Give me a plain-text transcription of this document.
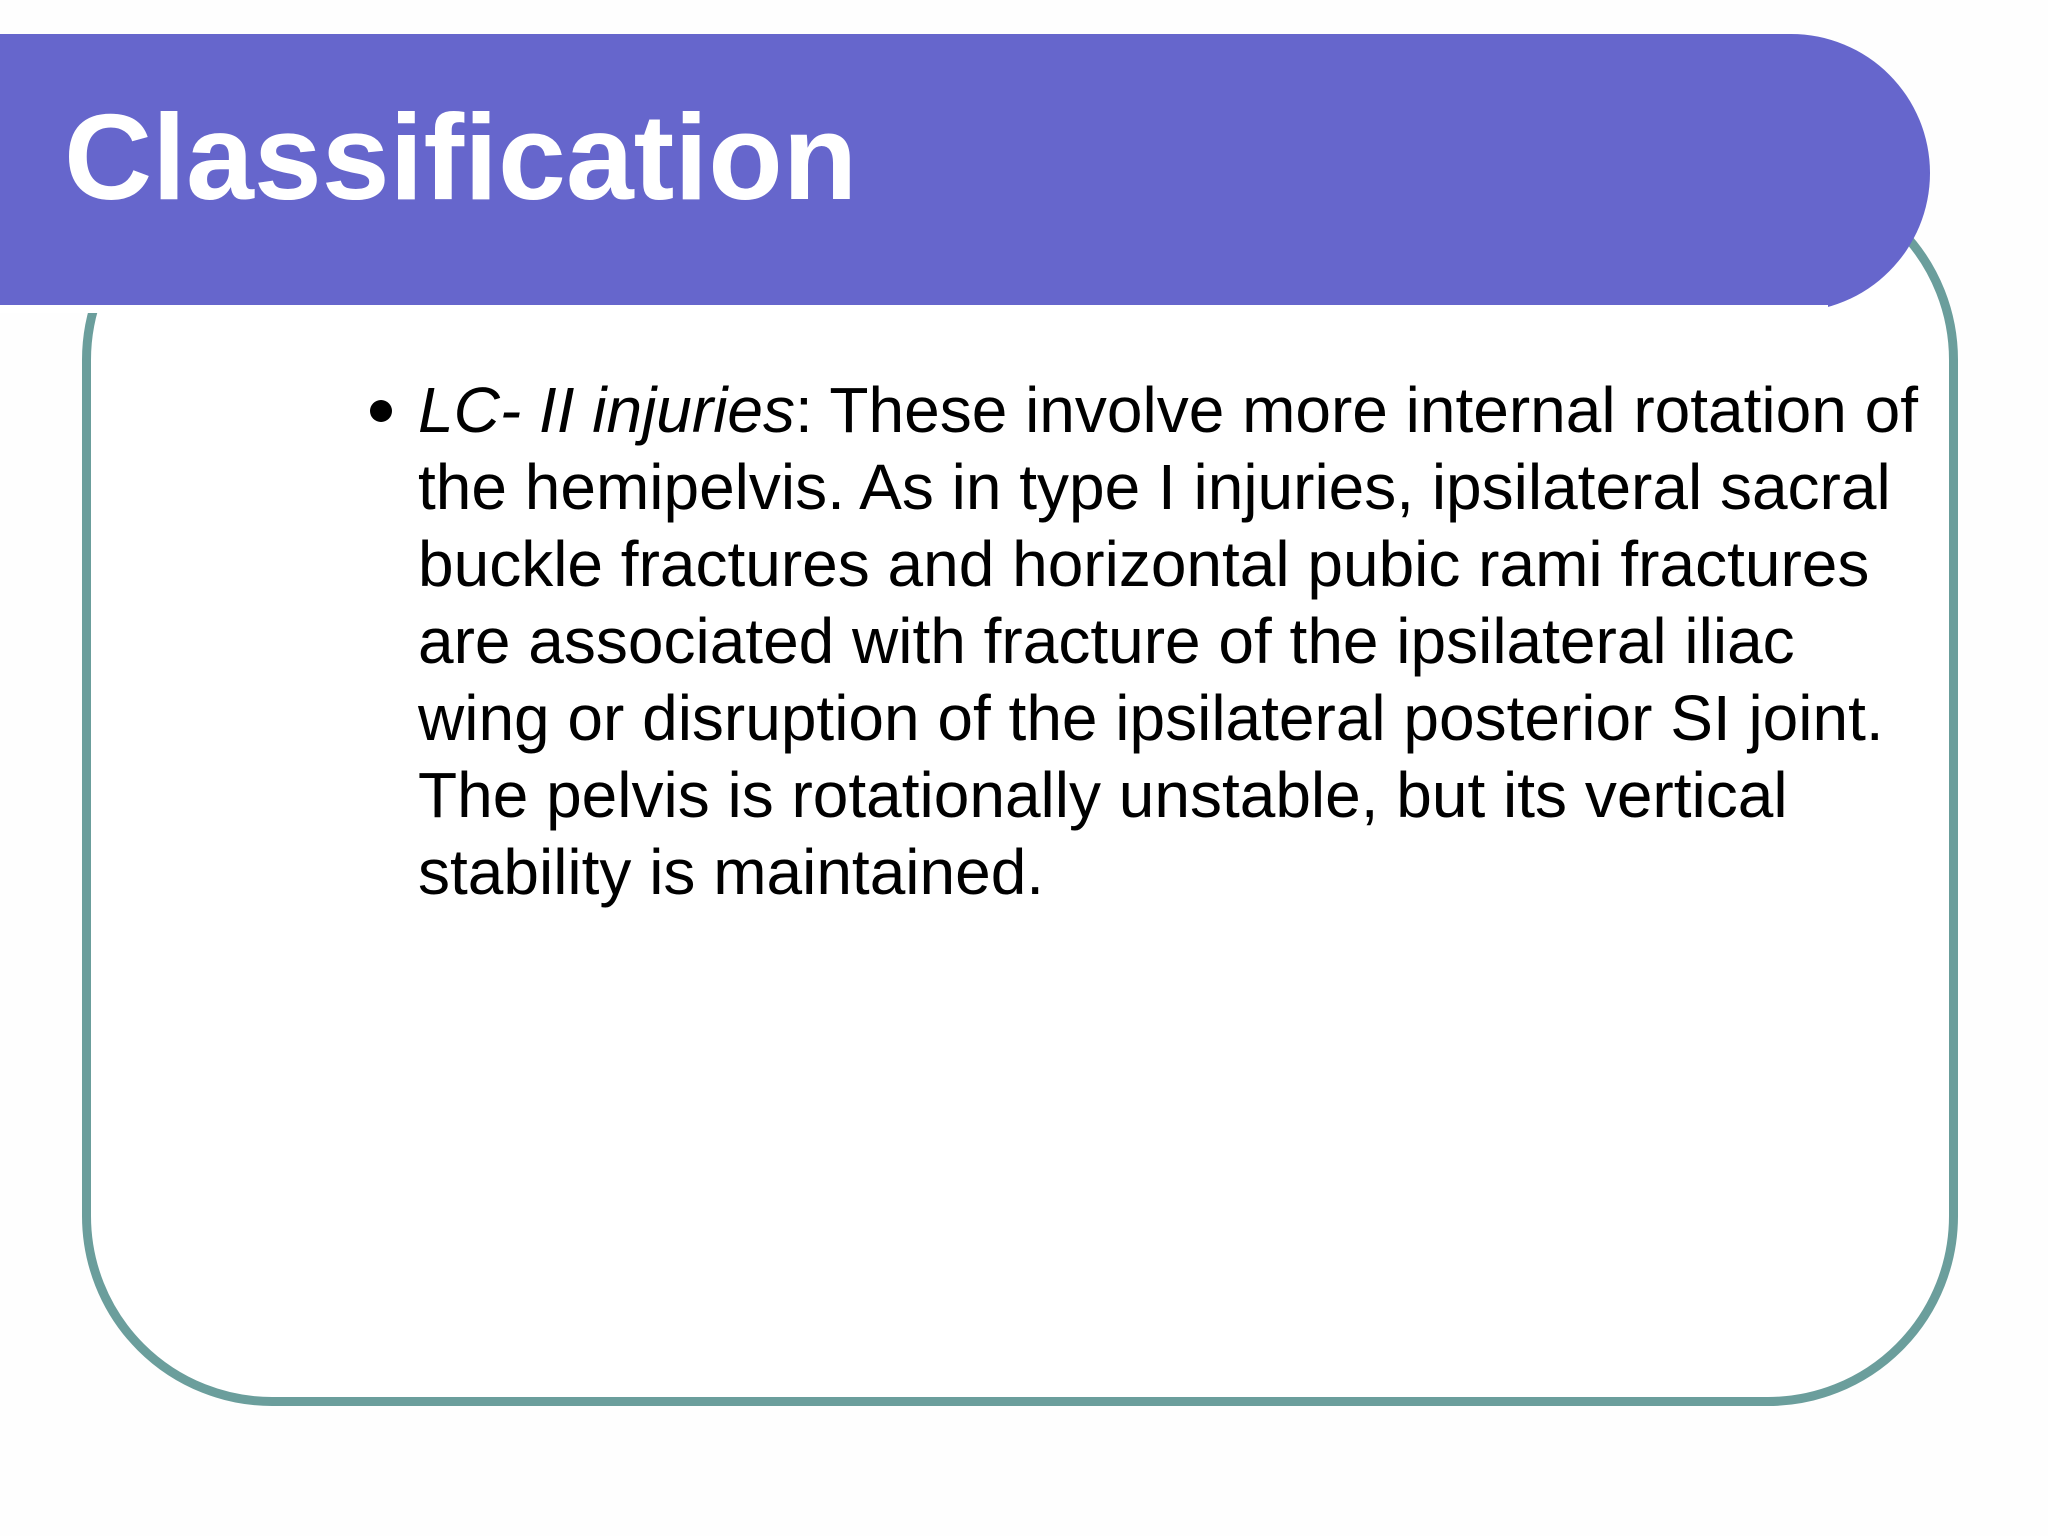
Classification
LC- II injuries: These involve more internal rotation of the hemipelvis. As in type I injuries, ipsilateral sacral buckle fractures and horizontal pubic rami fractures are associated with fracture of the ipsilateral iliac wing or disruption of the ipsilateral posterior SI joint. The pelvis is rotationally unstable, but its vertical stability is maintained.
